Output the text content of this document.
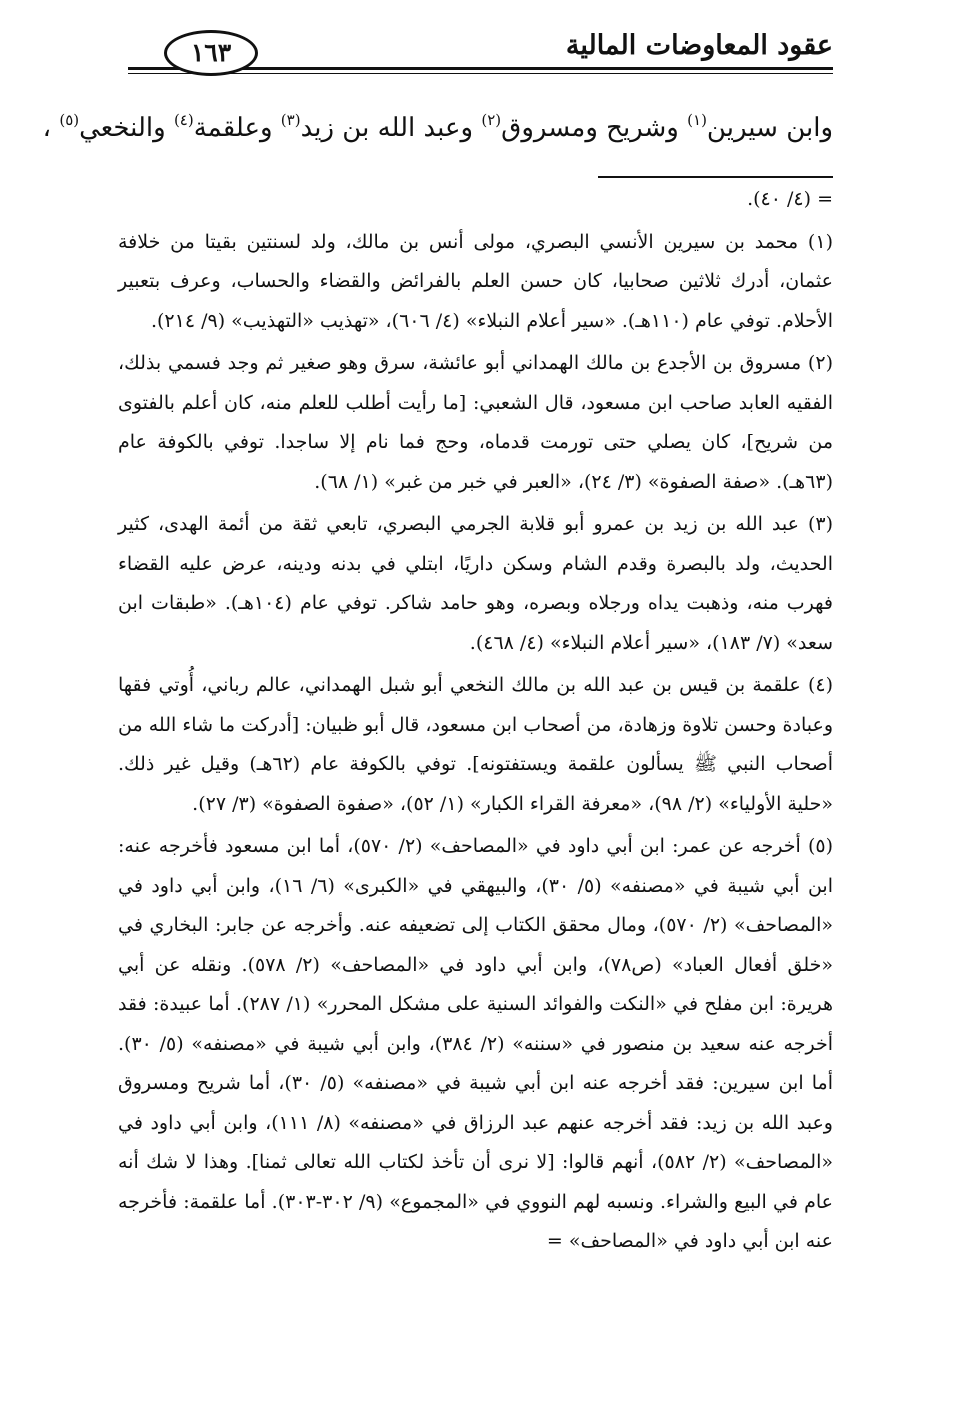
عقود المعاوضات المالية
١٦٣
وابن سيرين$^{(١)}$ وشريح ومسروق$^{(٢)}$ وعبد الله بن زيد$^{(٣)}$ وعلقمة$^{(٤)}$ والنخعي$^{(٥)}$ ،

= (٤/ ٤٠).

(١) محمد بن سيرين الأنسي البصري، مولى أنس بن مالك، ولد لسنتين بقيتا من خلافة عثمان، أدرك ثلاثين صحابيا، كان حسن العلم بالفرائض والقضاء والحساب، وعرف بتعبير الأحلام. توفي عام (١١٠هـ). «سير أعلام النبلاء» (٤/ ٦٠٦)، «تهذيب «التهذيب» (٩/ ٢١٤).

(٢) مسروق بن الأجدع بن مالك الهمداني أبو عائشة، سرق وهو صغير ثم وجد فسمي بذلك، الفقيه العابد صاحب ابن مسعود، قال الشعبي: [ما رأيت أطلب للعلم منه، كان أعلم بالفتوى من شريح]، كان يصلي حتى تورمت قدماه، وحج فما نام إلا ساجدا. توفي بالكوفة عام (٦٣هـ). «صفة الصفوة» (٣/ ٢٤)، «العبر في خبر من غبر» (١/ ٦٨).

(٣) عبد الله بن زيد بن عمرو أبو قلابة الجرمي البصري، تابعي ثقة من أئمة الهدى، كثير الحديث، ولد بالبصرة وقدم الشام وسكن داريًا، ابتلي في بدنه ودينه، عرض عليه القضاء فهرب منه، وذهبت يداه ورجلاه وبصره، وهو حامد شاكر. توفي عام (١٠٤هـ). «طبقات ابن سعد» (٧/ ١٨٣)، «سير أعلام النبلاء» (٤/ ٤٦٨).

(٤) علقمة بن قيس بن عبد الله بن مالك النخعي أبو شبل الهمداني، عالم رباني، أُوتي فقها وعبادة وحسن تلاوة وزهادة، من أصحاب ابن مسعود، قال أبو ظبيان: [أدركت ما شاء الله من أصحاب النبي ﷺ يسألون علقمة ويستفتونه]. توفي بالكوفة عام (٦٢هـ) وقيل غير ذلك. «حلية الأولياء» (٢/ ٩٨)، «معرفة القراء الكبار» (١/ ٥٢)، «صفوة الصفوة» (٣/ ٢٧).

(٥) أخرجه عن عمر: ابن أبي داود في «المصاحف» (٢/ ٥٧٠)، أما ابن مسعود فأخرجه عنه: ابن أبي شيبة في «مصنفه» (٥/ ٣٠)، والبيهقي في «الكبرى» (٦/ ١٦)، وابن أبي داود في «المصاحف» (٢/ ٥٧٠)، ومال محقق الكتاب إلى تضعيفه عنه. وأخرجه عن جابر: البخاري في «خلق أفعال العباد» (ص٧٨)، وابن أبي داود في «المصاحف» (٢/ ٥٧٨). ونقله عن أبي هريرة: ابن مفلح في «النكت والفوائد السنية على مشكل المحرر» (١/ ٢٨٧). أما عبيدة: فقد أخرجه عنه سعيد بن منصور في «سننه» (٢/ ٣٨٤)، وابن أبي شيبة في «مصنفه» (٥/ ٣٠). أما ابن سيرين: فقد أخرجه عنه ابن أبي شيبة في «مصنفه» (٥/ ٣٠)، أما شريح ومسروق وعبد الله بن زيد: فقد أخرجه عنهم عبد الرزاق في «مصنفه» (٨/ ١١١)، وابن أبي داود في «المصاحف» (٢/ ٥٨٢)، أنهم قالوا: [لا نرى أن تأخذ لكتاب الله تعالى ثمنا]. وهذا لا شك أنه عام في البيع والشراء. ونسبه لهم النووي في «المجموع» (٩/ ٣٠٢-٣٠٣). أما علقمة: فأخرجه عنه ابن أبي داود في «المصاحف» =
